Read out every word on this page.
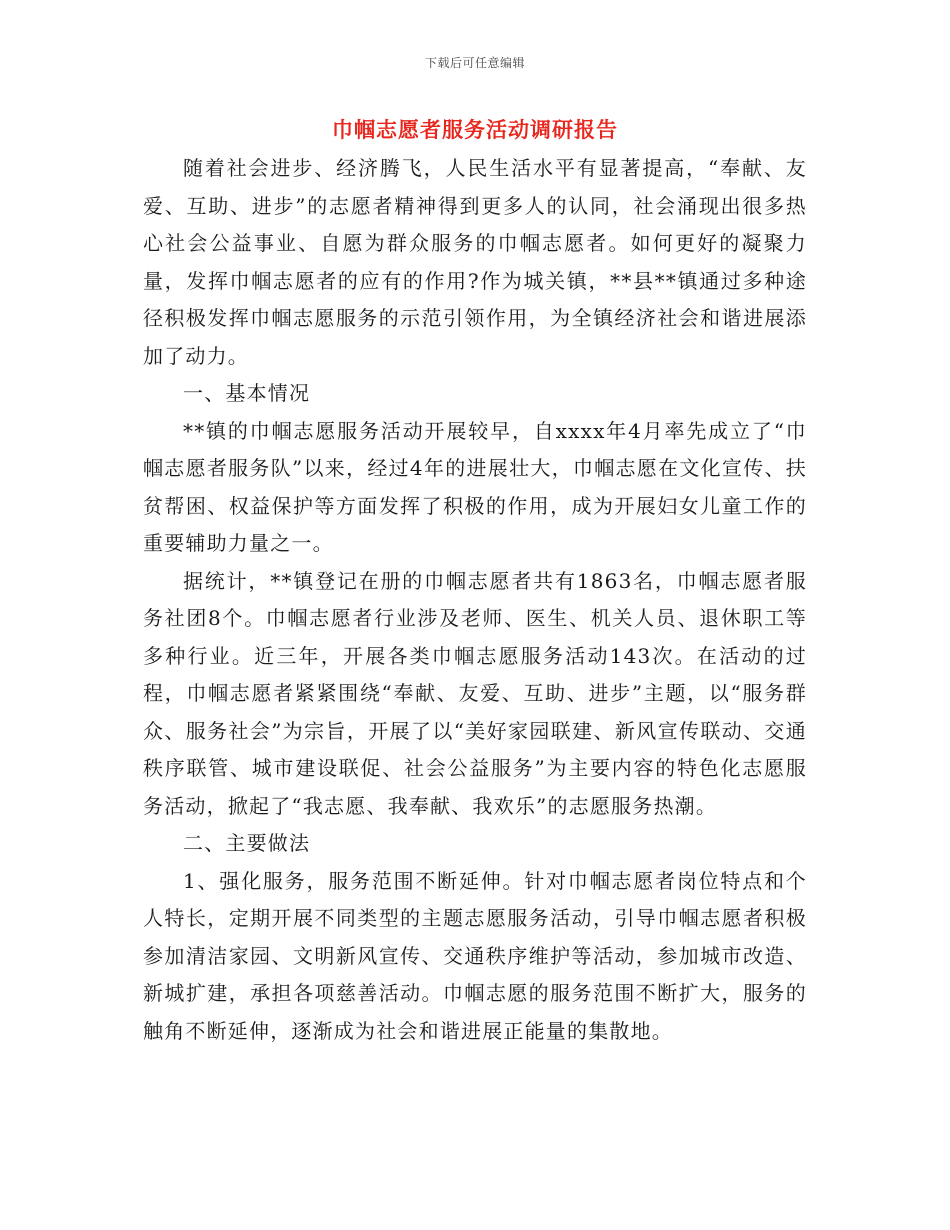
下载后可任意编辑
巾帼志愿者服务活动调研报告

随着社会进步、经济腾飞，人民生活水平有显著提高，“奉献、友爱、互助、进步”的志愿者精神得到更多人的认同，社会涌现出很多热心社会公益事业、自愿为群众服务的巾帼志愿者。如何更好的凝聚力量，发挥巾帼志愿者的应有的作用?作为城关镇，**县**镇通过多种途径积极发挥巾帼志愿服务的示范引领作用，为全镇经济社会和谐进展添加了动力。

一、基本情况

**镇的巾帼志愿服务活动开展较早，自xxxx年4月率先成立了“巾帼志愿者服务队”以来，经过4年的进展壮大，巾帼志愿在文化宣传、扶贫帮困、权益保护等方面发挥了积极的作用，成为开展妇女儿童工作的重要辅助力量之一。

据统计，**镇登记在册的巾帼志愿者共有1863名，巾帼志愿者服务社团8个。巾帼志愿者行业涉及老师、医生、机关人员、退休职工等多种行业。近三年，开展各类巾帼志愿服务活动143次。在活动的过程，巾帼志愿者紧紧围绕“奉献、友爱、互助、进步”主题，以“服务群众、服务社会”为宗旨，开展了以“美好家园联建、新风宣传联动、交通秩序联管、城市建设联促、社会公益服务”为主要内容的特色化志愿服务活动，掀起了“我志愿、我奉献、我欢乐”的志愿服务热潮。

二、主要做法

1、强化服务，服务范围不断延伸。针对巾帼志愿者岗位特点和个人特长，定期开展不同类型的主题志愿服务活动，引导巾帼志愿者积极参加清洁家园、文明新风宣传、交通秩序维护等活动，参加城市改造、新城扩建，承担各项慈善活动。巾帼志愿的服务范围不断扩大，服务的触角不断延伸，逐渐成为社会和谐进展正能量的集散地。
